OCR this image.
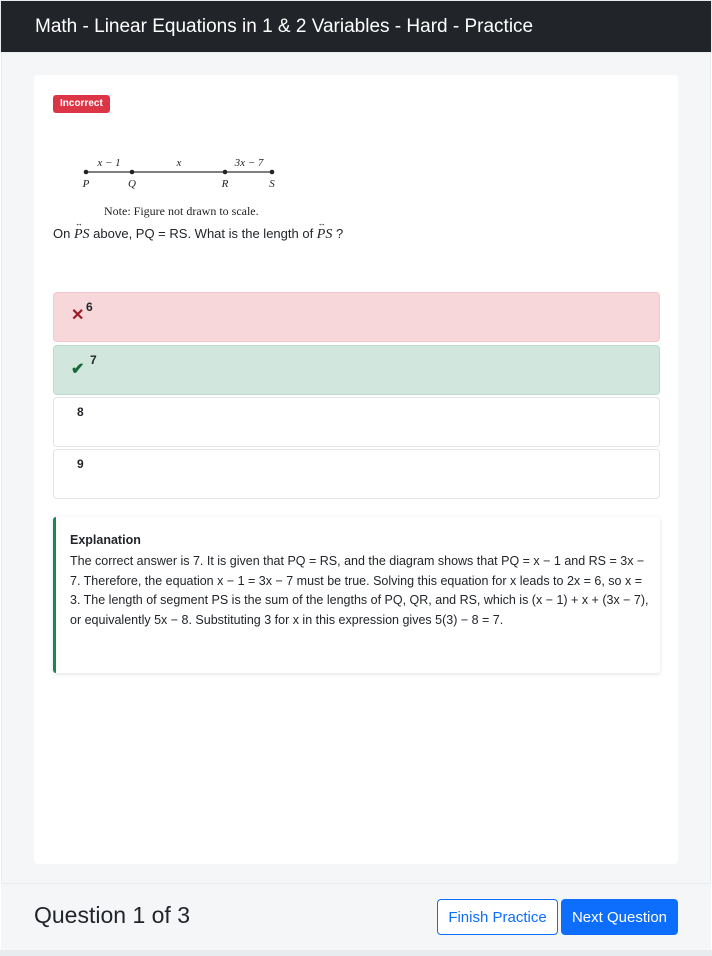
Math - Linear Equations in 1 & 2 Variables - Hard - Practice
Incorrect
x − 1	x	3x − 7
P	Q	R	S
Note: Figure not drawn to scale.
On ↔ PS above, PQ = RS. What is the length of ↔ PS ?
✕ 6
✔
7
8
9
Explanation
The correct answer is 7. It is given that PQ = RS, and the diagram shows that PQ = x − 1 and RS = 3x − 7. Therefore, the equation x − 1 = 3x − 7 must be true. Solving this equation for x leads to 2x = 6, so x = 3. The length of segment PS is the sum of the lengths of PQ, QR, and RS, which is (x − 1) + x + (3x − 7), or equivalently 5x − 8. Substituting 3 for x in this expression gives 5(3) − 8 = 7.
Question 1 of 3	Finish Practice	Next Question
